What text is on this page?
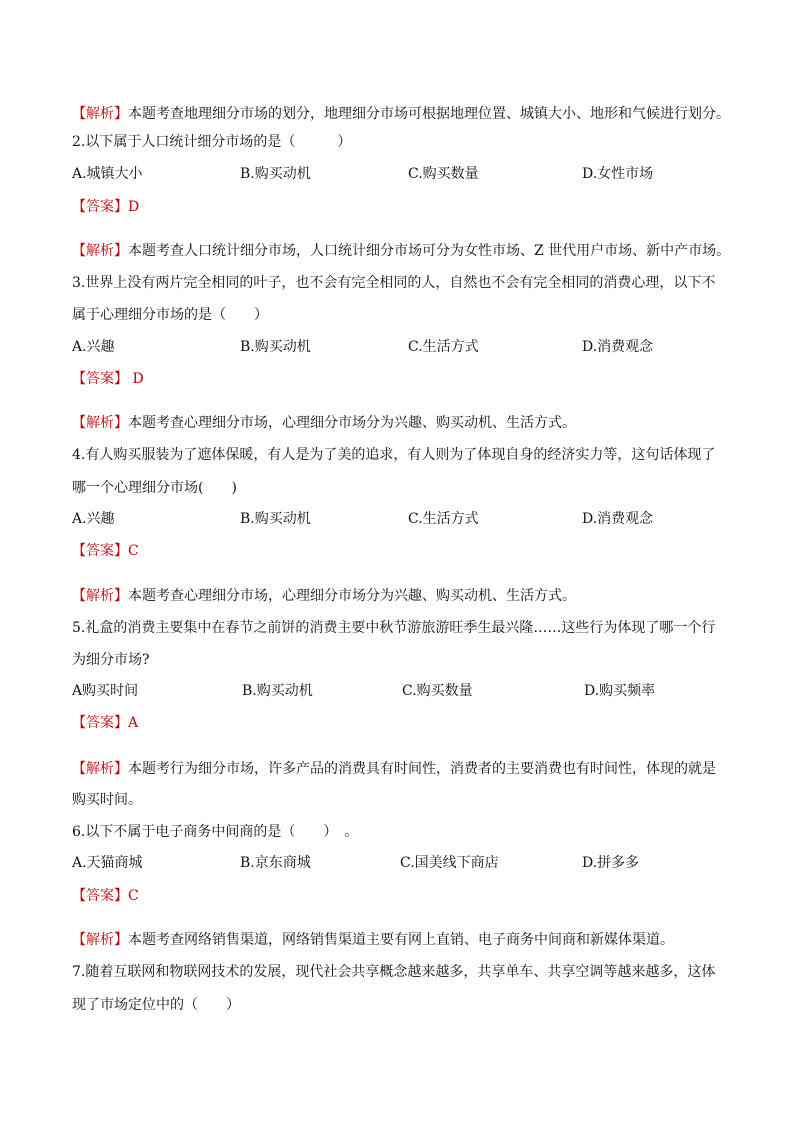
【解析】本题考查地理细分市场的划分，地理细分市场可根据地理位置、城镇大小、地形和气候进行划分。
2.以下属于人口统计细分市场的是（　　　）
A.城镇大小	B.购买动机	C.购买数量	D.女性市场
【答案】D
【解析】本题考查人口统计细分市场，人口统计细分市场可分为女性市场、Z 世代用户市场、新中产市场。
3.世界上没有两片完全相同的叶子，也不会有完全相同的人，自然也不会有完全相同的消费心理，以下不
属于心理细分市场的是（　　）
A.兴趣	B.购买动机	C.生活方式	D.消费观念
【答案】 D
【解析】本题考查心理细分市场，心理细分市场分为兴趣、购买动机、生活方式。
4.有人购买服装为了遮体保暖，有人是为了美的追求，有人则为了体现自身的经济实力等，这句话体现了
哪一个心理细分市场(　　)
A.兴趣	B.购买动机	C.生活方式	D.消费观念
【答案】C
【解析】本题考查心理细分市场，心理细分市场分为兴趣、购买动机、生活方式。
5.礼盒的消费主要集中在春节之前饼的消费主要中秋节游旅游旺季生最兴隆……这些行为体现了哪一个行
为细分市场?
A购买时间	B.购买动机	C.购买数量	D.购买频率
【答案】A
【解析】本题考行为细分市场，许多产品的消费具有时间性，消费者的主要消费也有时间性，体现的就是
购买时间。
6.以下不属于电子商务中间商的是（　　）　。
A.天猫商城	B.京东商城	C.国美线下商店	D.拼多多
【答案】C
【解析】本题考查网络销售渠道，网络销售渠道主要有网上直销、电子商务中间商和新媒体渠道。
7.随着互联网和物联网技术的发展，现代社会共享概念越来越多，共享单车、共享空调等越来越多，这体
现了市场定位中的（　　）
